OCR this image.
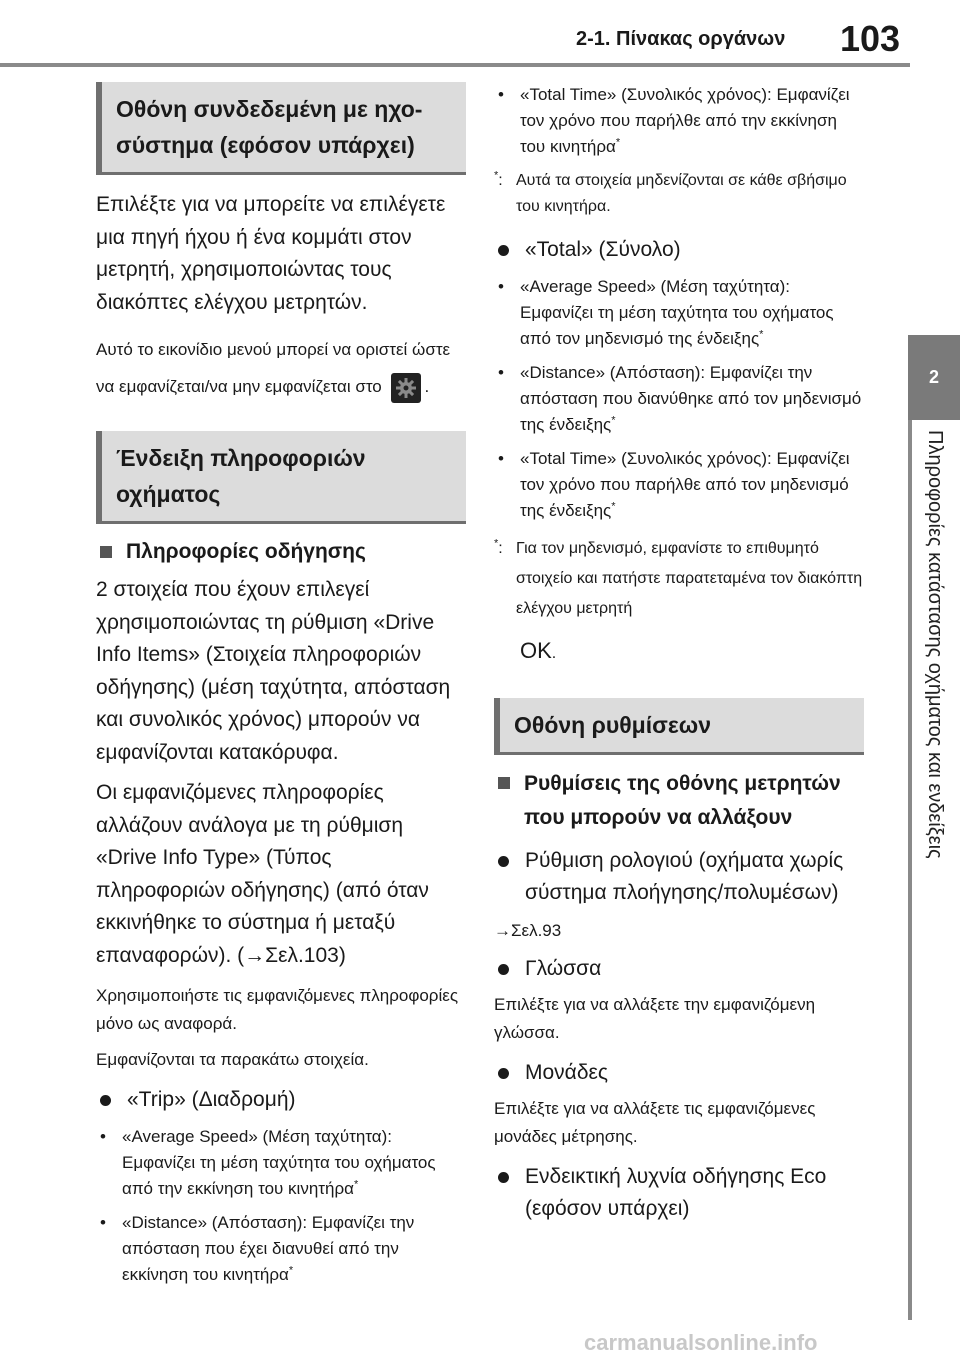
2-1. Πίνακας οργάνων 103
2
Πληροφορίες κατάστασης οχήματος και ενδείξεις
Οθόνη συνδεδεμένη με ηχο-σύστημα (εφόσον υπάρχει)

Επιλέξτε για να μπορείτε να επιλέγετε μια πηγή ήχου ή ένα κομμάτι στον μετρητή, χρησιμοποιώντας τους διακόπτες ελέγχου μετρητών.

Αυτό το εικονίδιο μενού μπορεί να οριστεί ώστε να εμφανίζεται/να μην εμφανίζεται στο	.

Ένδειξη πληροφοριών οχήματος
Πληροφορίες οδήγησης

2 στοιχεία που έχουν επιλεγεί χρησιμοποιώντας τη ρύθμιση «Drive Info Items» (Στοιχεία πληροφοριών οδήγησης) (μέση ταχύτητα, απόσταση και συνολικός χρόνος) μπορούν να εμφανίζονται κατακόρυφα.

Οι εμφανιζόμενες πληροφορίες αλλάζουν ανάλογα με τη ρύθμιση «Drive Info Type» (Τύπος πληροφοριών οδήγησης) (από όταν εκκινήθηκε το σύστημα ή μεταξύ επαναφορών). (→Σελ.103)

Χρησιμοποιήστε τις εμφανιζόμενες πληροφορίες μόνο ως αναφορά.

Εμφανίζονται τα παρακάτω στοιχεία.

«Trip» (Διαδρομή)
• «Average Speed» (Μέση ταχύτητα): Εμφανίζει τη μέση ταχύτητα του οχήματος από την εκκίνηση του κινητήρα*
• «Distance» (Απόσταση): Εμφανίζει την απόσταση που έχει διανυθεί από την εκκίνηση του κινητήρα*
• «Total Time» (Συνολικός χρόνος): Εμφανίζει τον χρόνο που παρήλθε από την εκκίνηση του κινητήρα*
*: Αυτά τα στοιχεία μηδενίζονται σε κάθε σβήσιμο του κινητήρα.
«Total» (Σύνολο)
• «Average Speed» (Μέση ταχύτητα): Εμφανίζει τη μέση ταχύτητα του οχήματος από τον μηδενισμό της ένδειξης*
• «Distance» (Απόσταση): Εμφανίζει την απόσταση που διανύθηκε από τον μηδενισμό της ένδειξης*
• «Total Time» (Συνολικός χρόνος): Εμφανίζει τον χρόνο που παρήλθε από τον μηδενισμό της ένδειξης*
*: Για τον μηδενισμό, εμφανίστε το επιθυμητό στοιχείο και πατήστε παρατεταμένα τον διακόπτη ελέγχου μετρητή
OK.
Οθόνη ρυθμίσεων
Ρυθμίσεις της οθόνης μετρητών που μπορούν να αλλάξουν
Ρύθμιση ρολογιού (οχήματα χωρίς σύστημα πλοήγησης/πολυμέσων)

→Σελ.93

Γλώσσα

Επιλέξτε για να αλλάξετε την εμφανιζόμενη γλώσσα.

Μονάδες

Επιλέξτε για να αλλάξετε τις εμφανιζόμενες μονάδες μέτρησης.

Ενδεικτική λυχνία οδήγησης Eco (εφόσον υπάρχει)
carmanualsonline.info
